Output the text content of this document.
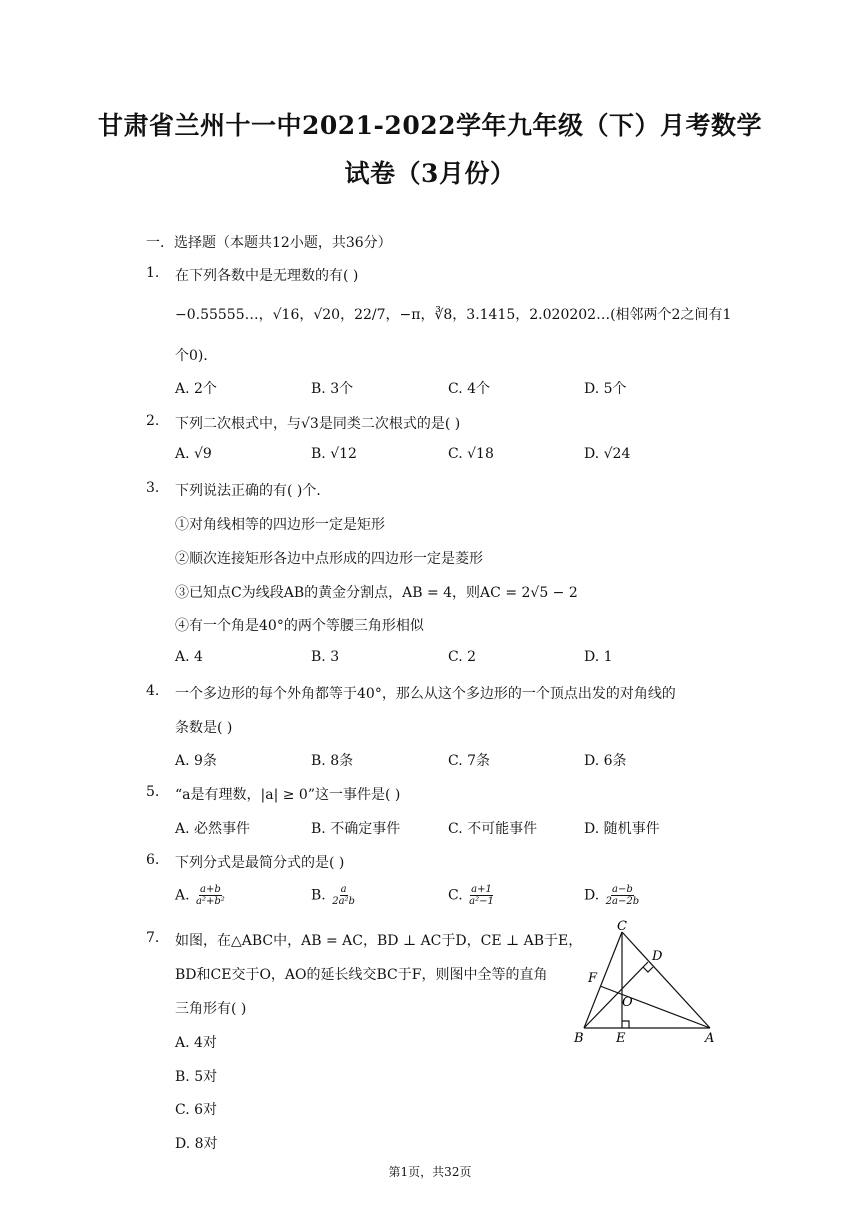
甘肃省兰州十一中2021-2022学年九年级（下）月考数学
试卷（3月份）
一．选择题（本题共12小题，共36分）
1. 在下列各数中是无理数的有( )
−0.55555…，√16，√20，22/7，−π，∛8，3.1415，2.020202…(相邻两个2之间有1
个0)．
A. 2个	B. 3个	C. 4个	D. 5个
2. 下列二次根式中，与√3是同类二次根式的是( )
A. √9	B. √12	C. √18	D. √24
3. 下列说法正确的有( )个．
①对角线相等的四边形一定是矩形
②顺次连接矩形各边中点形成的四边形一定是菱形
③已知点C为线段AB的黄金分割点，AB = 4，则AC = 2√5 − 2
④有一个角是40°的两个等腰三角形相似
A. 4	B. 3	C. 2	D. 1
4. 一个多边形的每个外角都等于40°，那么从这个多边形的一个顶点出发的对角线的
条数是( )
A. 9条	B. 8条	C. 7条	D. 6条
5. “a是有理数，|a| ≥ 0”这一事件是( )
A. 必然事件	B. 不确定事件	C. 不可能事件	D. 随机事件
6. 下列分式是最简分式的是( )
A. $\frac{a+b}{\text{a²+b²}}$	B. $\frac{a}{\text{2a²b}}$	C. $\frac{a+1}{\text{a²−1}}$	D. $\frac{a-b}{2a-2b}$
7. 如图，在△ABC中，AB = AC，BD ⊥ AC于D，CE ⊥ AB于E，
BD和CE交于O，AO的延长线交BC于F，则图中全等的直角
三角形有( )
A. 4对
B. 5对
C. 6对
D. 8对
C
D
F
O
B E	A
第1页，共32页
